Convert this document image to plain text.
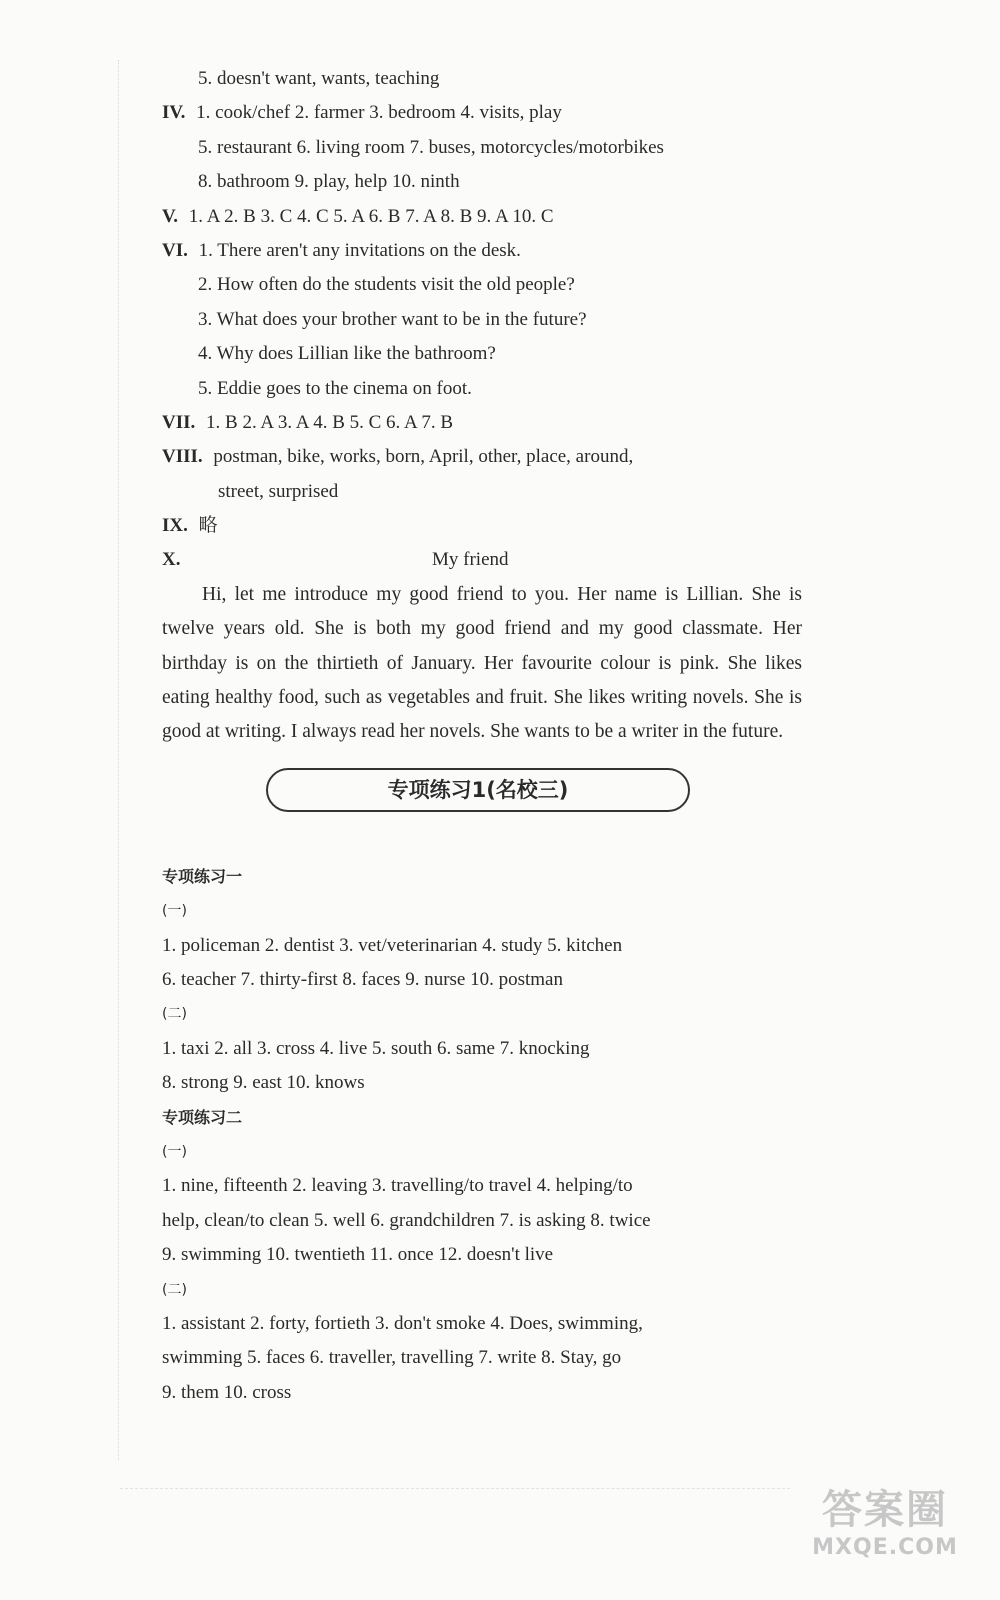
5. doesn't want, wants, teaching
IV. 1. cook/chef 2. farmer 3. bedroom 4. visits, play
5. restaurant 6. living room 7. buses, motorcycles/motorbikes
8. bathroom 9. play, help 10. ninth
V. 1. A 2. B 3. C 4. C 5. A 6. B 7. A 8. B 9. A 10. C
VI. 1. There aren't any invitations on the desk.
2. How often do the students visit the old people?
3. What does your brother want to be in the future?
4. Why does Lillian like the bathroom?
5. Eddie goes to the cinema on foot.
VII. 1. B 2. A 3. A 4. B 5. C 6. A 7. B
VIII. postman, bike, works, born, April, other, place, around,
street, surprised
IX. 略
X.	My friend

Hi, let me introduce my good friend to you. Her name is Lillian. She is twelve years old. She is both my good friend and my good classmate. Her birthday is on the thirtieth of January. Her favourite colour is pink. She likes eating healthy food, such as vegetables and fruit. She likes writing novels. She is good at writing. I always read her novels. She wants to be a writer in the future.

专项练习1(名校三)
专项练习一
(一)
1. policeman 2. dentist 3. vet/veterinarian 4. study 5. kitchen
6. teacher 7. thirty-first 8. faces 9. nurse 10. postman
(二)
1. taxi 2. all 3. cross 4. live 5. south 6. same 7. knocking
8. strong 9. east 10. knows
专项练习二
(一)
1. nine, fifteenth 2. leaving 3. travelling/to travel 4. helping/to
help, clean/to clean 5. well 6. grandchildren 7. is asking 8. twice
9. swimming 10. twentieth 11. once 12. doesn't live
(二)
1. assistant 2. forty, fortieth 3. don't smoke 4. Does, swimming,
swimming 5. faces 6. traveller, travelling 7. write 8. Stay, go
9. them 10. cross
答案圈
MXQE.COM
